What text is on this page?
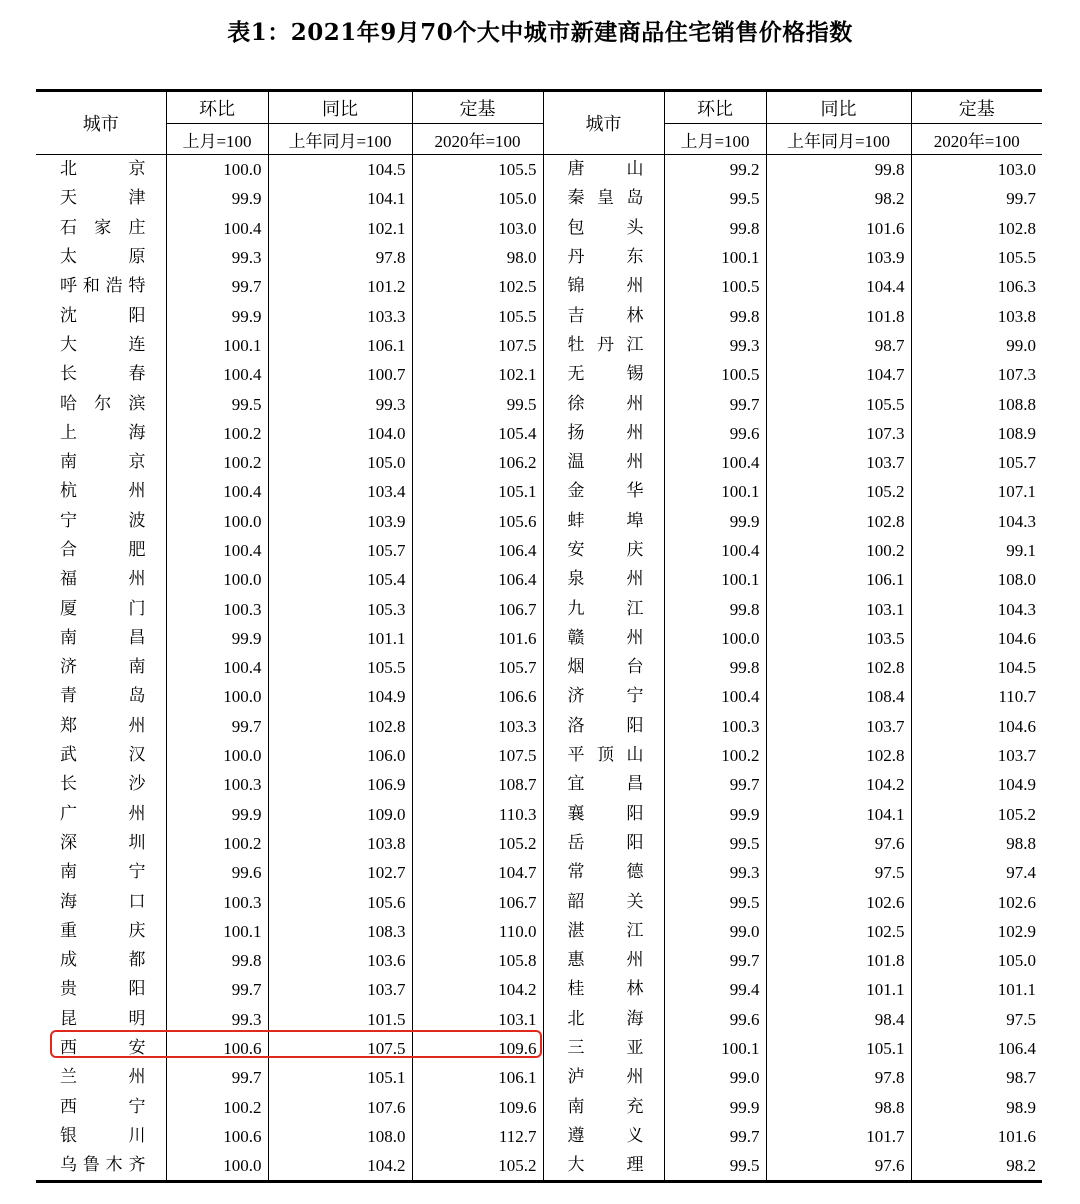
表1：2021年9月70个大中城市新建商品住宅销售价格指数
城市	环比	同比	定基	城市	环比	同比	定基
	上月=100	上年同月=100	2020年=100		上月=100	上年同月=100	2020年=100
北京	100.0	104.5	105.5	唐山	99.2	99.8	103.0
天津	99.9	104.1	105.0	秦皇岛	99.5	98.2	99.7
石家庄	100.4	102.1	103.0	包头	99.8	101.6	102.8
太原	99.3	97.8	98.0	丹东	100.1	103.9	105.5
呼和浩特	99.7	101.2	102.5	锦州	100.5	104.4	106.3
沈阳	99.9	103.3	105.5	吉林	99.8	101.8	103.8
大连	100.1	106.1	107.5	牡丹江	99.3	98.7	99.0
长春	100.4	100.7	102.1	无锡	100.5	104.7	107.3
哈尔滨	99.5	99.3	99.5	徐州	99.7	105.5	108.8
上海	100.2	104.0	105.4	扬州	99.6	107.3	108.9
南京	100.2	105.0	106.2	温州	100.4	103.7	105.7
杭州	100.4	103.4	105.1	金华	100.1	105.2	107.1
宁波	100.0	103.9	105.6	蚌埠	99.9	102.8	104.3
合肥	100.4	105.7	106.4	安庆	100.4	100.2	99.1
福州	100.0	105.4	106.4	泉州	100.1	106.1	108.0
厦门	100.3	105.3	106.7	九江	99.8	103.1	104.3
南昌	99.9	101.1	101.6	赣州	100.0	103.5	104.6
济南	100.4	105.5	105.7	烟台	99.8	102.8	104.5
青岛	100.0	104.9	106.6	济宁	100.4	108.4	110.7
郑州	99.7	102.8	103.3	洛阳	100.3	103.7	104.6
武汉	100.0	106.0	107.5	平顶山	100.2	102.8	103.7
长沙	100.3	106.9	108.7	宜昌	99.7	104.2	104.9
广州	99.9	109.0	110.3	襄阳	99.9	104.1	105.2
深圳	100.2	103.8	105.2	岳阳	99.5	97.6	98.8
南宁	99.6	102.7	104.7	常德	99.3	97.5	97.4
海口	100.3	105.6	106.7	韶关	99.5	102.6	102.6
重庆	100.1	108.3	110.0	湛江	99.0	102.5	102.9
成都	99.8	103.6	105.8	惠州	99.7	101.8	105.0
贵阳	99.7	103.7	104.2	桂林	99.4	101.1	101.1
昆明	99.3	101.5	103.1	北海	99.6	98.4	97.5
西安	100.6	107.5	109.6	三亚	100.1	105.1	106.4
兰州	99.7	105.1	106.1	泸州	99.0	97.8	98.7
西宁	100.2	107.6	109.6	南充	99.9	98.8	98.9
银川	100.6	108.0	112.7	遵义	99.7	101.7	101.6
乌鲁木齐	100.0	104.2	105.2	大理	99.5	97.6	98.2
